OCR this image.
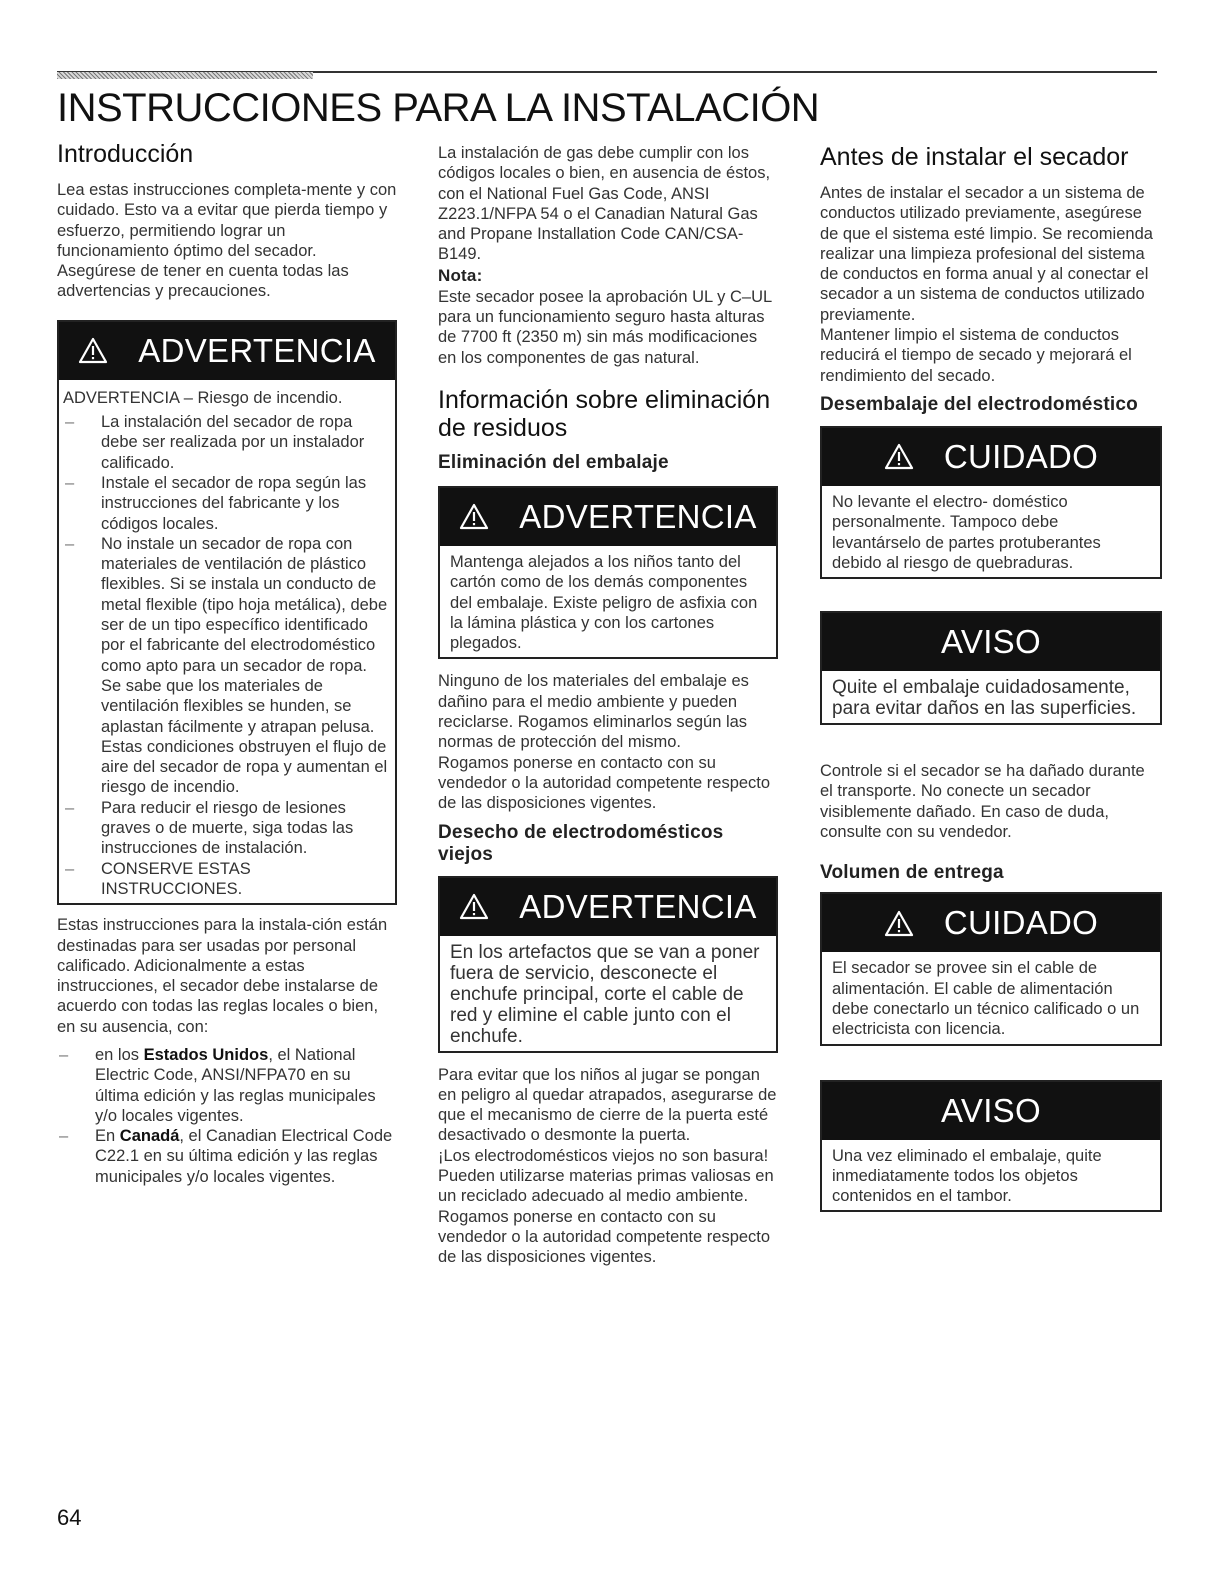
INSTRUCCIONES PARA LA INSTALACIÓN
Introducción

Lea estas instrucciones completa-mente y con cuidado. Esto va a evitar que pierda tiempo y esfuerzo, permitiendo lograr un funcionamiento óptimo del secador. Asegúrese de tener en cuenta todas las advertencias y precauciones.

ADVERTENCIA

ADVERTENCIA – Riesgo de incendio.

– La instalación del secador de ropa debe ser realizada por un instalador calificado.
– Instale el secador de ropa según las instrucciones del fabricante y los códigos locales.
– No instale un secador de ropa con materiales de ventilación de plástico flexibles. Si se instala un conducto de metal flexible (tipo hoja metálica), debe ser de un tipo específico identificado por el fabricante del electrodoméstico como apto para un secador de ropa. Se sabe que los materiales de ventilación flexibles se hunden, se aplastan fácilmente y atrapan pelusa. Estas condiciones obstruyen el flujo de aire del secador de ropa y aumentan el riesgo de incendio.
– Para reducir el riesgo de lesiones graves o de muerte, siga todas las instrucciones de instalación.
– CONSERVE ESTAS INSTRUCCIONES.

Estas instrucciones para la instala-ción están destinadas para ser usadas por personal calificado. Adicionalmente a estas instrucciones, el secador debe instalarse de acuerdo con todas las reglas locales o bien, en su ausencia, con:

– en los Estados Unidos, el National Electric Code, ANSI/NFPA70 en su última edición y las reglas municipales y/o locales vigentes.
– En Canadá, el Canadian Electrical Code C22.1 en su última edición y las reglas municipales y/o locales vigentes.

La instalación de gas debe cumplir con los códigos locales o bien, en ausencia de éstos, con el National Fuel Gas Code, ANSI Z223.1/NFPA 54 o el Canadian Natural Gas and Propane Installation Code CAN/CSA-B149.

Nota:

Este secador posee la aprobación UL y C–UL para un funcionamiento seguro hasta alturas de 7700 ft (2350 m) sin más modificaciones en los componentes de gas natural.

Información sobre eliminación de residuos
Eliminación del embalaje
ADVERTENCIA

Mantenga alejados a los niños tanto del cartón como de los demás componentes del embalaje. Existe peligro de asfixia con la lámina plástica y con los cartones plegados.

Ninguno de los materiales del embalaje es dañino para el medio ambiente y pueden reciclarse. Rogamos eliminarlos según las normas de protección del mismo.

Rogamos ponerse en contacto con su vendedor o la autoridad competente respecto de las disposiciones vigentes.

Desecho de electrodomésticos viejos
ADVERTENCIA

En los artefactos que se van a poner fuera de servicio, desconecte el enchufe principal, corte el cable de red y elimine el cable junto con el enchufe.

Para evitar que los niños al jugar se pongan en peligro al quedar atrapados, asegurarse de que el mecanismo de cierre de la puerta esté desactivado o desmonte la puerta.

¡Los electrodomésticos viejos no son basura! Pueden utilizarse materias primas valiosas en un reciclado adecuado al medio ambiente.

Rogamos ponerse en contacto con su vendedor o la autoridad competente respecto de las disposiciones vigentes.

Antes de instalar el secador

Antes de instalar el secador a un sistema de conductos utilizado previamente, asegúrese de que el sistema esté limpio. Se recomienda realizar una limpieza profesional del sistema de conductos en forma anual y al conectar el secador a un sistema de conductos utilizado previamente.

Mantener limpio el sistema de conductos reducirá el tiempo de secado y mejorará el rendimiento del secado.

Desembalaje del electrodoméstico
CUIDADO

No levante el electro- doméstico personalmente. Tampoco debe levantárselo de partes protuberantes debido al riesgo de quebraduras.

AVISO

Quite el embalaje cuidadosamente, para evitar daños en las superficies.

Controle si el secador se ha dañado durante el transporte. No conecte un secador visiblemente dañado. En caso de duda, consulte con su vendedor.

Volumen de entrega
CUIDADO

El secador se provee sin el cable de alimentación. El cable de alimentación debe conectarlo un técnico calificado o un electricista con licencia.

AVISO

Una vez eliminado el embalaje, quite inmediatamente todos los objetos contenidos en el tambor.

64
